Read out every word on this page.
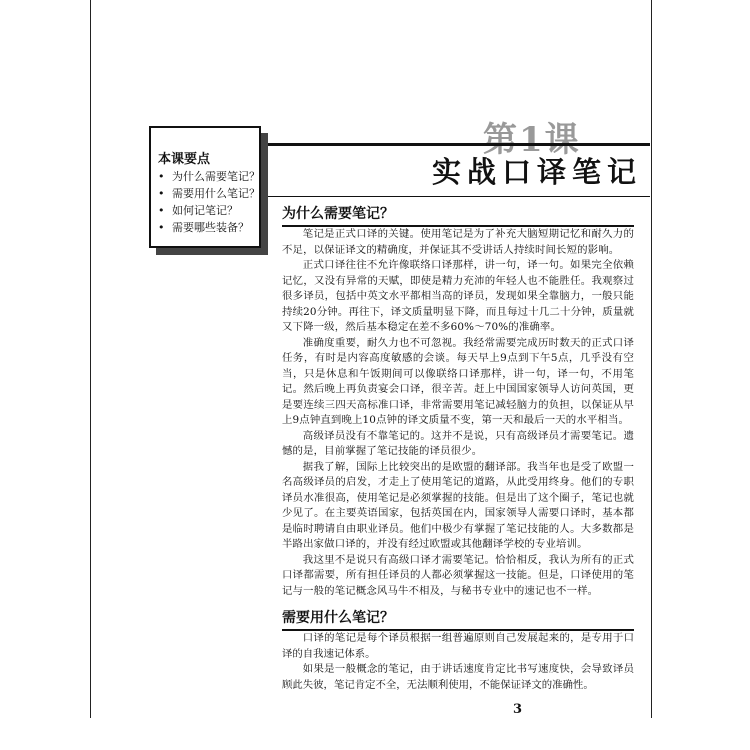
第1课
实战口译笔记
本课要点
• 为什么需要笔记？
• 需要用什么笔记？
• 如何记笔记？
• 需要哪些装备？
为什么需要笔记？

笔记是正式口译的关键。使用笔记是为了补充大脑短期记忆和耐久力的不足，以保证译文的精确度，并保证其不受讲话人持续时间长短的影响。

正式口译往往不允许像联络口译那样，讲一句，译一句。如果完全依赖记忆，又没有异常的天赋，即使是精力充沛的年轻人也不能胜任。我观察过很多译员，包括中英文水平都相当高的译员，发现如果全靠脑力，一般只能持续20分钟。再往下，译文质量明显下降，而且每过十几二十分钟，质量就又下降一级，然后基本稳定在差不多60%～70%的准确率。

准确度重要，耐久力也不可忽视。我经常需要完成历时数天的正式口译任务，有时是内容高度敏感的会谈。每天早上9点到下午5点，几乎没有空当，只是休息和午饭期间可以像联络口译那样，讲一句，译一句，不用笔记。然后晚上再负责宴会口译，很辛苦。赶上中国国家领导人访问英国，更是要连续三四天高标准口译，非常需要用笔记减轻脑力的负担，以保证从早上9点钟直到晚上10点钟的译文质量不变，第一天和最后一天的水平相当。

高级译员没有不靠笔记的。这并不是说，只有高级译员才需要笔记。遗憾的是，目前掌握了笔记技能的译员很少。

据我了解，国际上比较突出的是欧盟的翻译部。我当年也是受了欧盟一名高级译员的启发，才走上了使用笔记的道路，从此受用终身。他们的专职译员水准很高，使用笔记是必须掌握的技能。但是出了这个圈子，笔记也就少见了。在主要英语国家，包括英国在内，国家领导人需要口译时，基本都是临时聘请自由职业译员。他们中极少有掌握了笔记技能的人。大多数都是半路出家做口译的，并没有经过欧盟或其他翻译学校的专业培训。

我这里不是说只有高级口译才需要笔记。恰恰相反，我认为所有的正式口译都需要，所有担任译员的人都必须掌握这一技能。但是，口译使用的笔记与一般的笔记概念风马牛不相及，与秘书专业中的速记也不一样。

需要用什么笔记？

口译的笔记是每个译员根据一组普遍原则自己发展起来的，是专用于口译的自我速记体系。

如果是一般概念的笔记，由于讲话速度肯定比书写速度快，会导致译员顾此失彼，笔记肯定不全，无法顺利使用，不能保证译文的准确性。

3
